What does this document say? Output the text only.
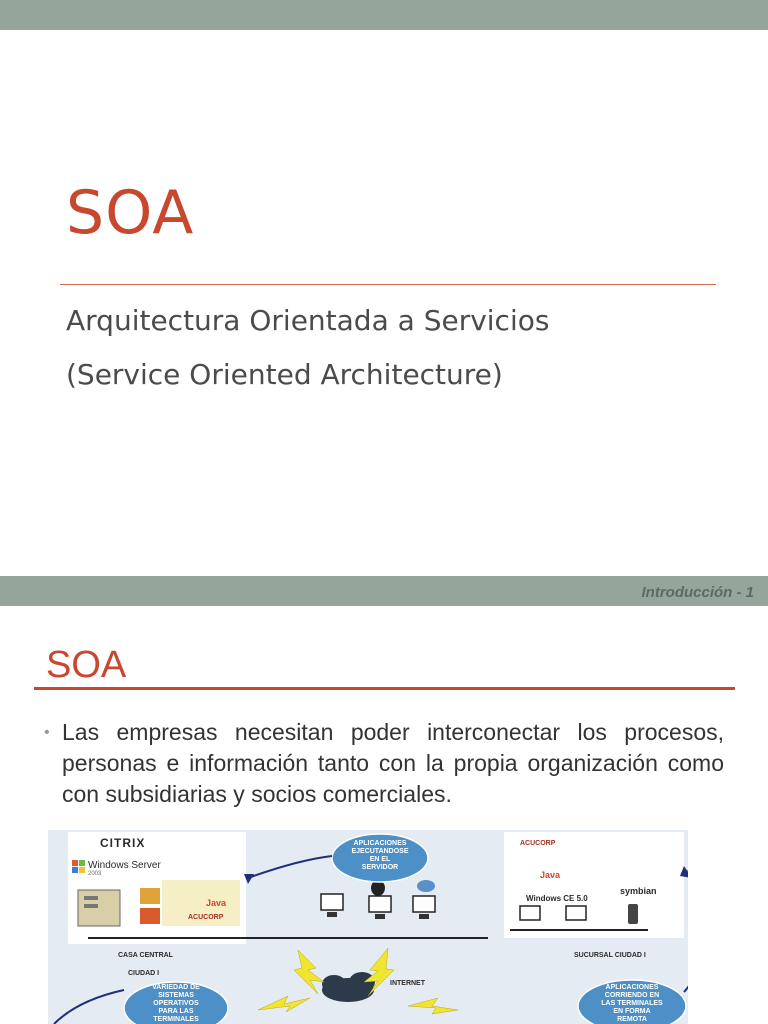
SOA
Arquitectura Orientada a Servicios
(Service Oriented Architecture)
Introducción - 1
SOA
• Las empresas necesitan poder interconectar los procesos, personas e información tanto con la propia organización como con subsidiarias y socios comerciales.
CITRIX
Windows Server
2003
Java
ACUCORP
ACUCORP
Java
Windows CE 5.0
symbian
CASA CENTRAL	SUCURSAL CIUDAD I
CIUDAD I
INTERNET
APLICACIONES
EJECUTANDOSE
EN EL
SERVIDOR
VARIEDAD DE
SISTEMAS
OPERATIVOS
PARA LAS
TERMINALES
APLICACIONES
CORRIENDO EN
LAS TERMINALES
EN FORMA
REMOTA
